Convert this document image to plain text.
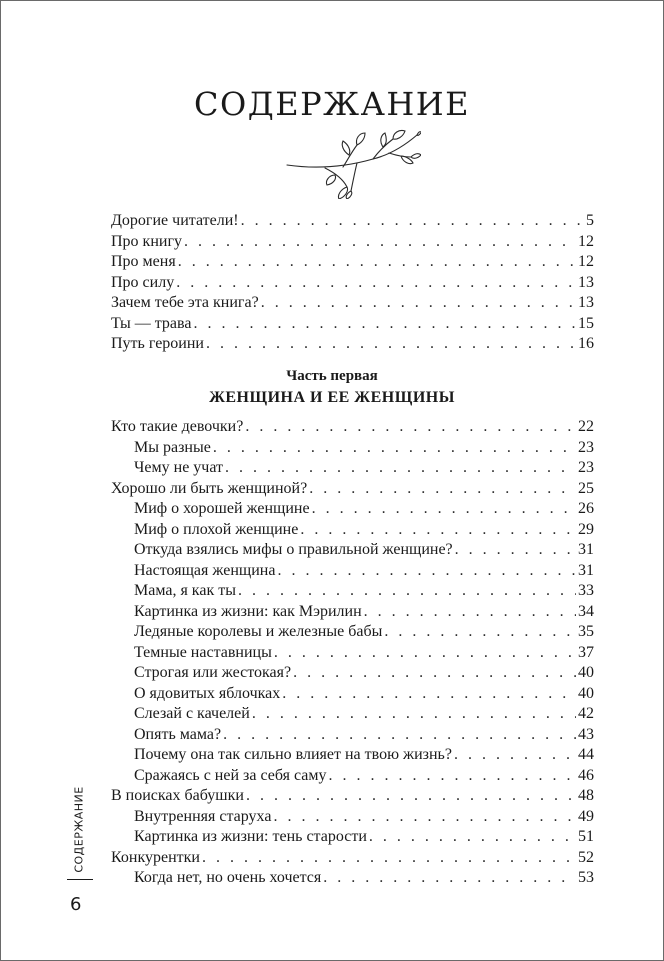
СОДЕРЖАНИЕ
Дорогие читатели! . . .	5
Про книгу . . .	12
Про меня . . .	12
Про силу . . .	13
Зачем тебе эта книга? . . .	13
Ты — трава . . .	15
Путь героини . . .	16
Часть первая
ЖЕНЩИНА И ЕЕ ЖЕНЩИНЫ
Кто такие девочки? . . .	22
Мы разные . . .	23
Чему не учат . . .	23
Хорошо ли быть женщиной? . . .	25
Миф о хорошей женщине . . .	26
Миф о плохой женщине . . .	29
Откуда взялись мифы о правильной женщине? . . .	31
Настоящая женщина . . .	31
Мама, я как ты . . .	33
Картинка из жизни: как Мэрилин . . .	34
Ледяные королевы и железные бабы . . .	35
Темные наставницы . . .	37
Строгая или жестокая? . . .	40
О ядовитых яблочках . . .	40
Слезай с качелей . . .	42
Опять мама? . . .	43
Почему она так сильно влияет на твою жизнь? . . .	44
Сражаясь с ней за себя саму . . .	46
В поисках бабушки . . .	48
Внутренняя старуха . . .	49
Картинка из жизни: тень старости . . .	51
Конкурентки . . .	52
Когда нет, но очень хочется . . .	53
СОДЕРЖАНИЕ
6
